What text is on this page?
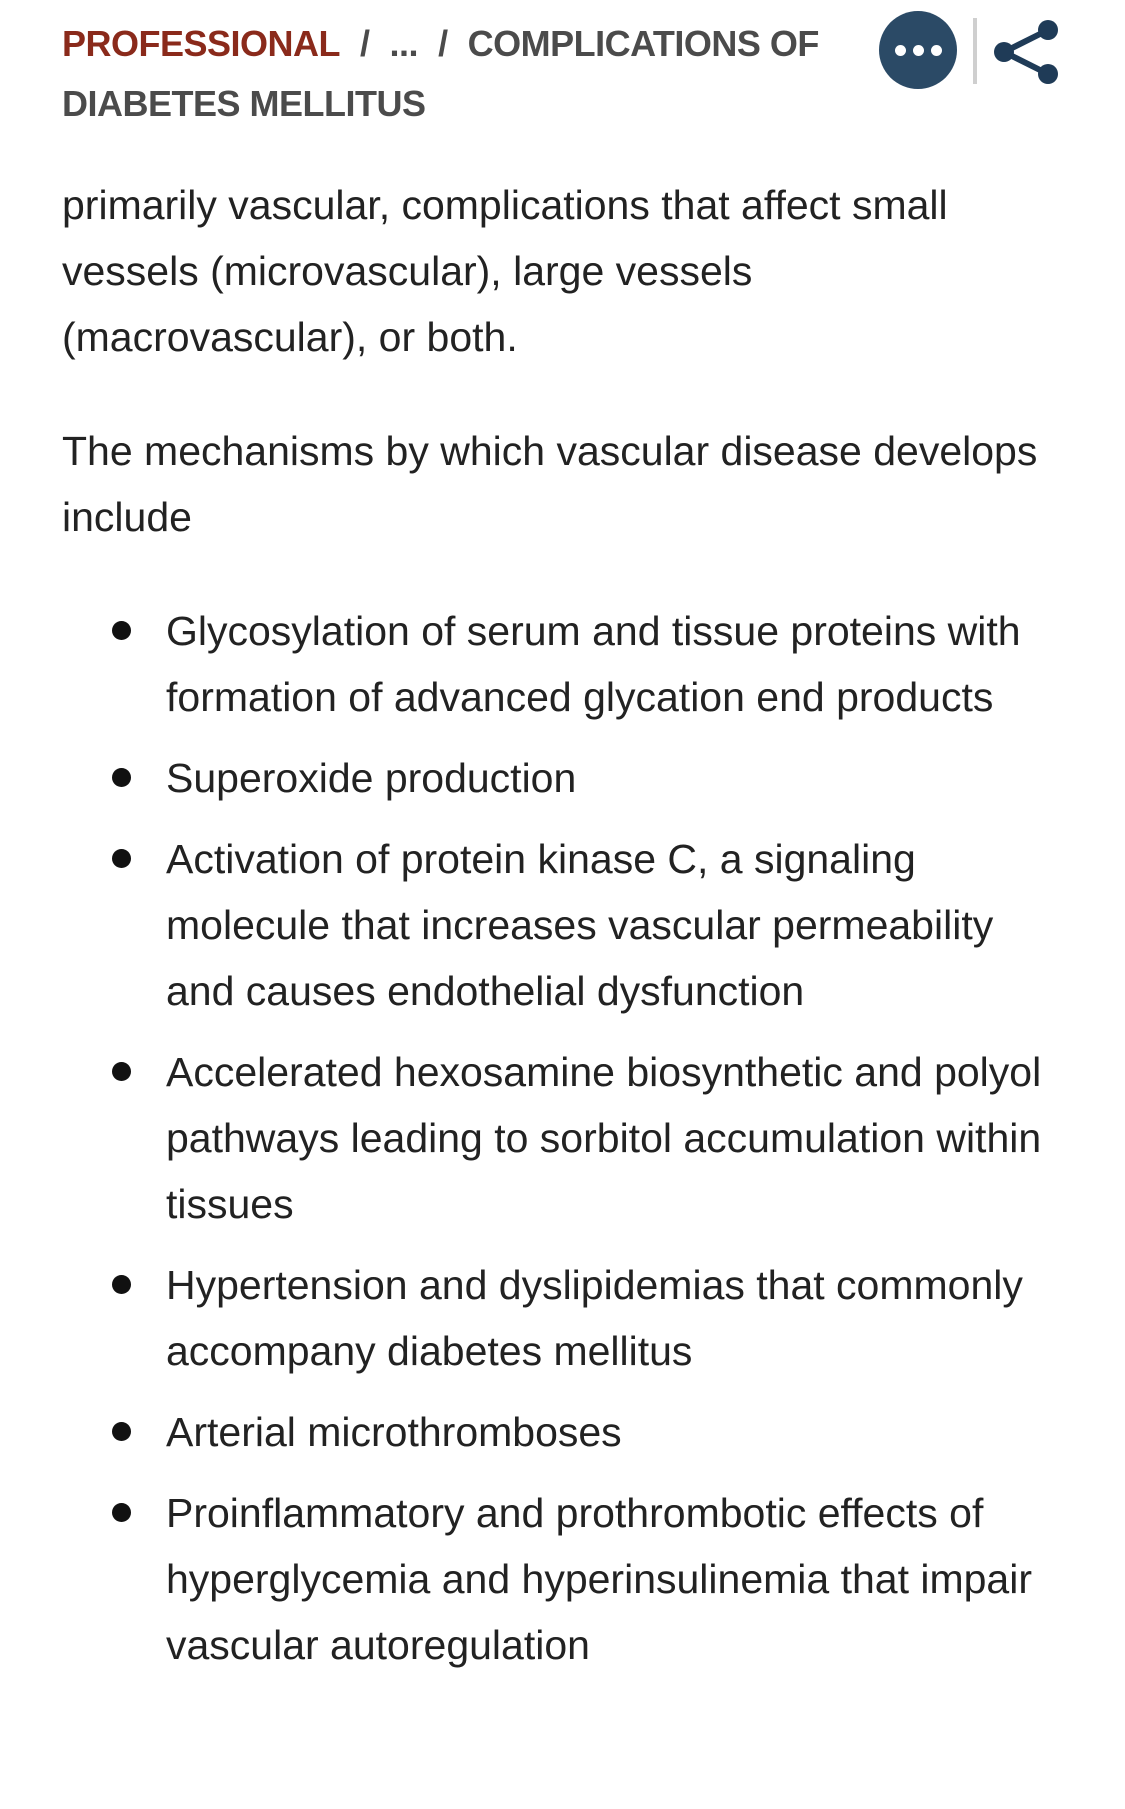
PROFESSIONAL / ... / COMPLICATIONS OF DIABETES MELLITUS

primarily vascular, complications that affect small vessels (microvascular), large vessels (macrovascular), or both.

The mechanisms by which vascular disease develops include

Glycosylation of serum and tissue proteins with formation of advanced glycation end products
Superoxide production
Activation of protein kinase C, a signaling molecule that increases vascular permeability and causes endothelial dysfunction
Accelerated hexosamine biosynthetic and polyol pathways leading to sorbitol accumulation within tissues
Hypertension and dyslipidemias that commonly accompany diabetes mellitus
Arterial microthromboses
Proinflammatory and prothrombotic effects of hyperglycemia and hyperinsulinemia that impair vascular autoregulation
